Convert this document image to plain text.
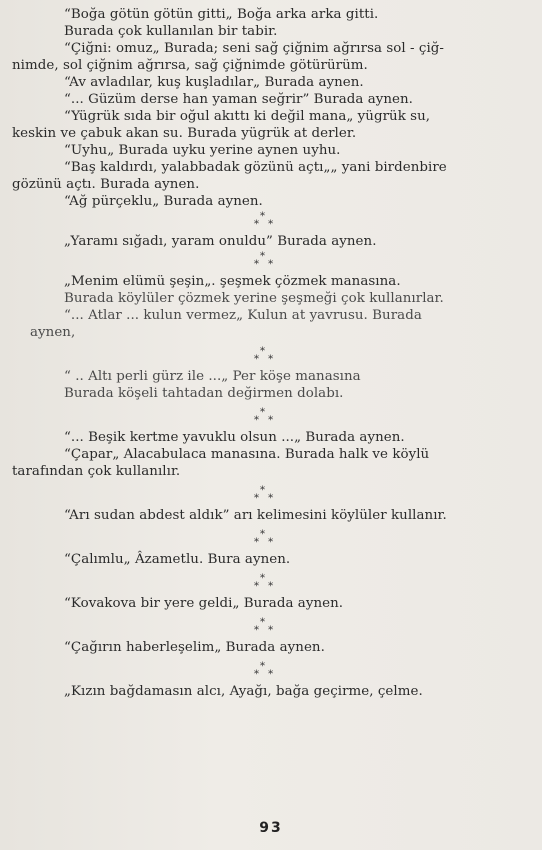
“Boğa götün götün gitti„ Boğa arka arka gitti.
Burada çok kullanılan bir tabir.
“Çiğni: omuz„ Burada; seni sağ çiğnim ağrırsa sol - çiğ-
nimde, sol çiğnim ağrırsa, sağ çiğnimde götürürüm.
“Av avladılar, kuş kuşladılar„ Burada aynen.
“... Güzüm derse han yaman seğrir” Burada aynen.
“Yügrük sıda bir oğul akıttı ki değil mana„ yügrük su,
keskin ve çabuk akan su. Burada yügrük at derler.
“Uyhu„ Burada uyku yerine aynen uyhu.
“Baş kaldırdı, yalabbadak gözünü açtı„„ yani birdenbire
gözünü açtı. Burada aynen.
“Ağ pürçeklu„ Burada aynen.
*
* *
„Yaramı sığadı, yaram onuldu” Burada aynen.
*
* *
„Menim elümü şeşin„. şeşmek çözmek manasına.
Burada köylüler çözmek yerine şeşmeği çok kullanırlar.
“... Atlar ... kulun vermez„ Kulun at yavrusu. Burada
aynen,
*
* *
“ .. Altı perli gürz ile ...„ Per köşe manasına
Burada köşeli tahtadan değirmen dolabı.
*
* *
“... Beşik kertme yavuklu olsun ...„ Burada aynen.
“Çapar„ Alacabulaca manasına. Burada halk ve köylü
tarafından çok kullanılır.
*
* *
“Arı sudan abdest aldık” arı kelimesini köylüler kullanır.
*
* *
“Çalımlu„ Âzametlu. Bura aynen.
*
* *
“Kovakova bir yere geldi„ Burada aynen.
*
* *
“Çağırın haberleşelim„ Burada aynen.
*
* *
„Kızın bağdamasın alcı, Ayağı, bağa geçirme, çelme.
93
